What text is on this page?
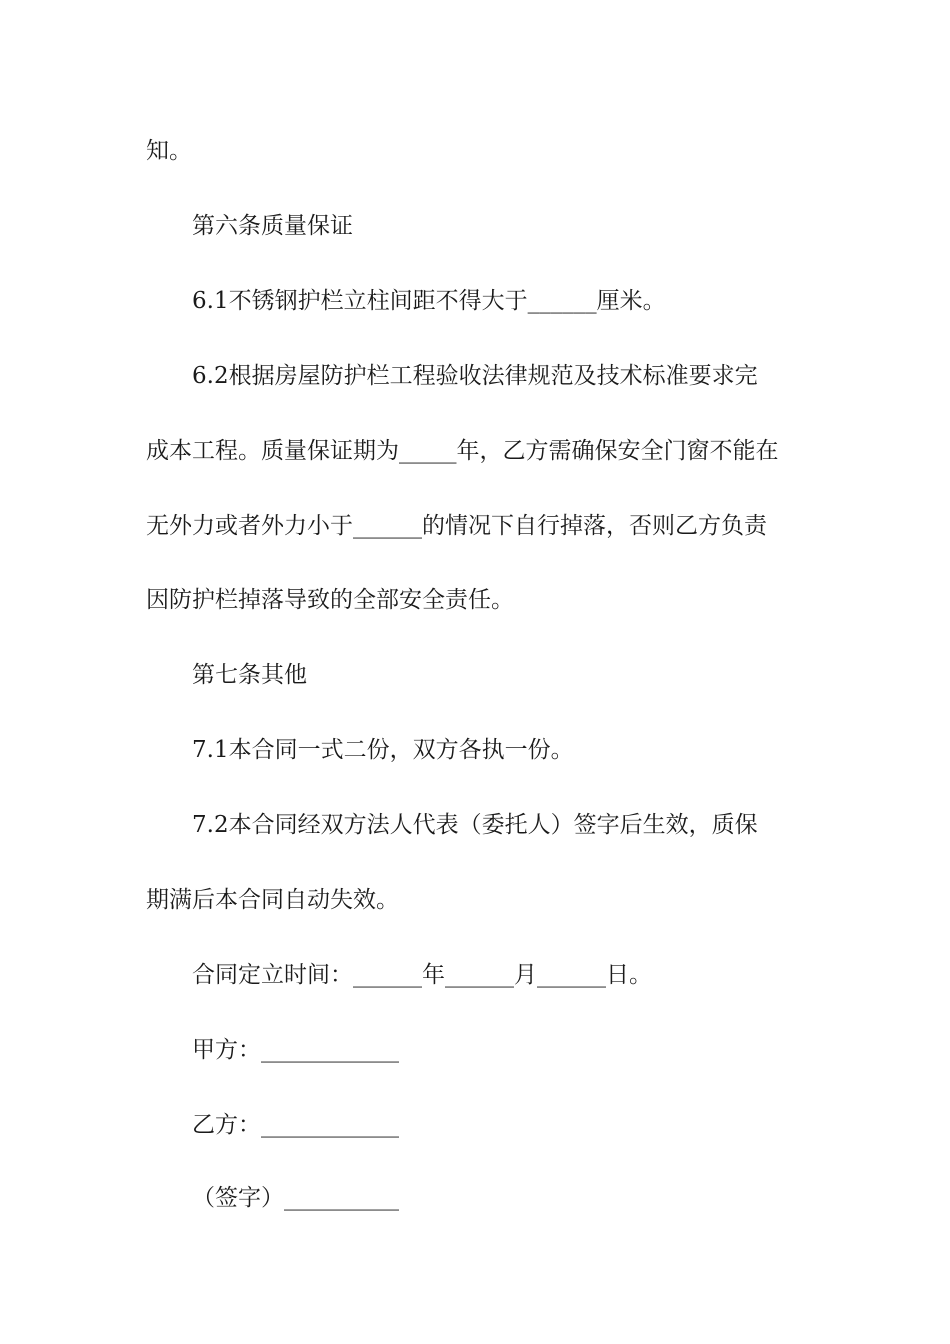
知。

第六条质量保证

6.1不锈钢护栏立柱间距不得大于______厘米。

6.2根据房屋防护栏工程验收法律规范及技术标准要求完

成本工程。质量保证期为_____年，乙方需确保安全门窗不能在

无外力或者外力小于______的情况下自行掉落，否则乙方负责

因防护栏掉落导致的全部安全责任。

第七条其他

7.1本合同一式二份，双方各执一份。

7.2本合同经双方法人代表（委托人）签字后生效，质保

期满后本合同自动失效。

合同定立时间：______年______月______日。

甲方：____________

乙方：____________

（签字）__________
